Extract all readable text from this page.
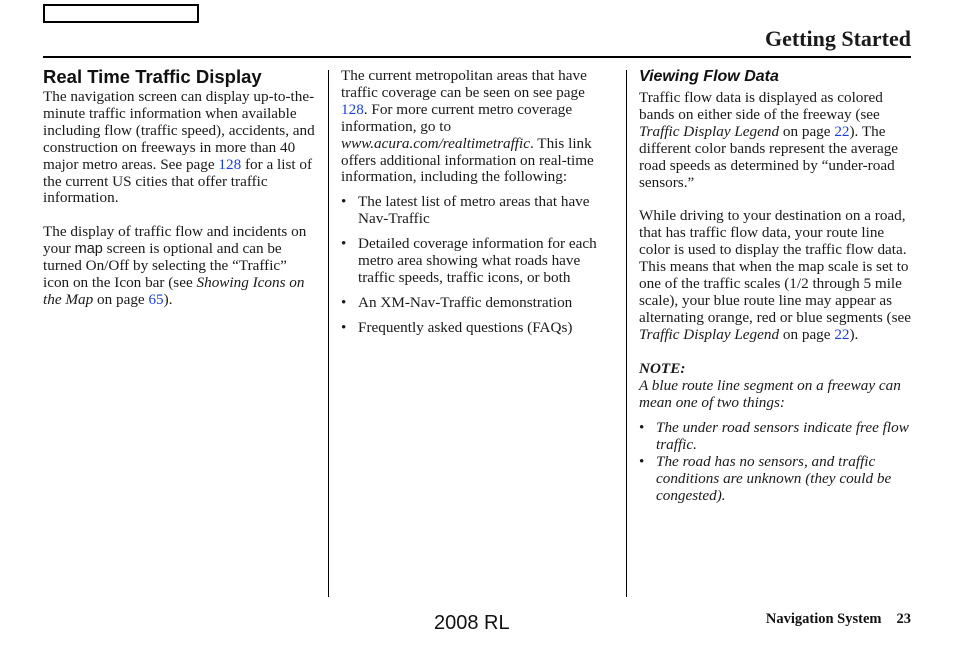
Getting Started
Real Time Traffic Display

The navigation screen can display up-to-the-minute traffic information when available including flow (traffic speed), accidents, and construction on freeways in more than 40 major metro areas. See page 128 for a list of the current US cities that offer traffic information.

The display of traffic flow and incidents on your map screen is optional and can be turned On/Off by selecting the “Traffic” icon on the Icon bar (see Showing Icons on the Map on page 65).

The current metropolitan areas that have traffic coverage can be seen on see page 128. For more current metro coverage information, go to www.acura.com/realtimetraffic. This link offers additional information on real-time information, including the following:

• The latest list of metro areas that have Nav-Traffic
• Detailed coverage information for each metro area showing what roads have traffic speeds, traffic icons, or both
• An XM-Nav-Traffic demonstration
• Frequently asked questions (FAQs)
Viewing Flow Data

Traffic flow data is displayed as colored bands on either side of the freeway (see Traffic Display Legend on page 22). The different color bands represent the average road speeds as determined by “under-road sensors.”

While driving to your destination on a road, that has traffic flow data, your route line color is used to display the traffic flow data. This means that when the map scale is set to one of the traffic scales (1/2 through 5 mile scale), your blue route line may appear as alternating orange, red or blue segments (see Traffic Display Legend on page 22).

NOTE:

A blue route line segment on a freeway can mean one of two things:

• The under road sensors indicate free flow traffic.
• The road has no sensors, and traffic conditions are unknown (they could be congested).
2008 RL	Navigation System 23
